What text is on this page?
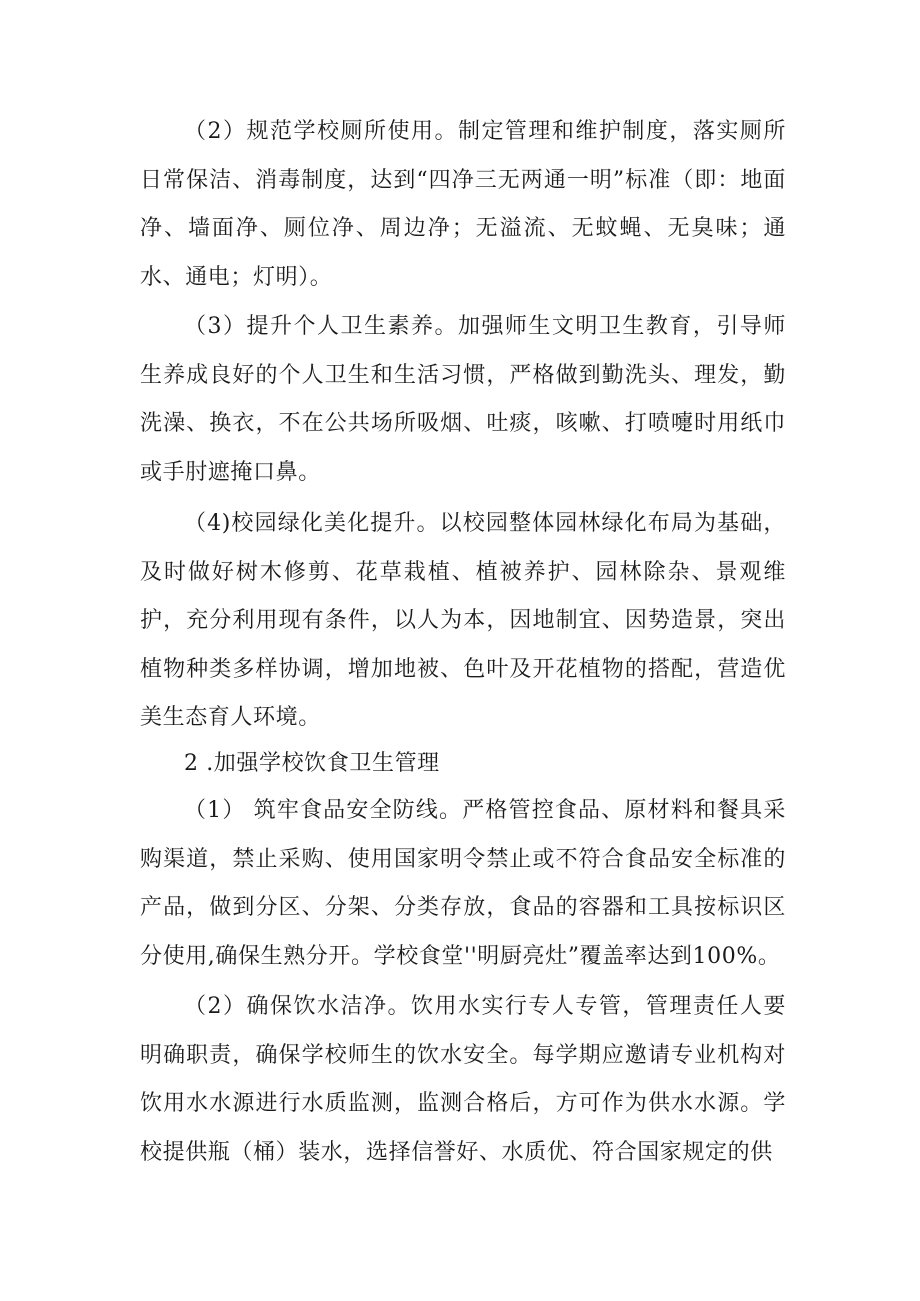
（2）规范学校厕所使用。制定管理和维护制度，落实厕所日常保洁、消毒制度，达到“四净三无两通一明”标准（即：地面净、墙面净、厕位净、周边净；无溢流、无蚊蝇、无臭味；通水、通电；灯明）。

（3）提升个人卫生素养。加强师生文明卫生教育，引导师生养成良好的个人卫生和生活习惯，严格做到勤洗头、理发，勤洗澡、换衣，不在公共场所吸烟、吐痰，咳嗽、打喷嚏时用纸巾或手肘遮掩口鼻。

（4)校园绿化美化提升。以校园整体园林绿化布局为基础，及时做好树木修剪、花草栽植、植被养护、园林除杂、景观维护，充分利用现有条件，以人为本，因地制宜、因势造景，突出植物种类多样协调，增加地被、色叶及开花植物的搭配，营造优美生态育人环境。

2 .加强学校饮食卫生管理

（1） 筑牢食品安全防线。严格管控食品、原材料和餐具采购渠道，禁止采购、使用国家明令禁止或不符合食品安全标准的产品，做到分区、分架、分类存放，食品的容器和工具按标识区分使用,确保生熟分开。学校食堂''明厨亮灶”覆盖率达到100%。

（2）确保饮水洁净。饮用水实行专人专管，管理责任人要明确职责，确保学校师生的饮水安全。每学期应邀请专业机构对饮用水水源进行水质监测，监测合格后，方可作为供水水源。学校提供瓶（桶）装水，选择信誉好、水质优、符合国家规定的供
